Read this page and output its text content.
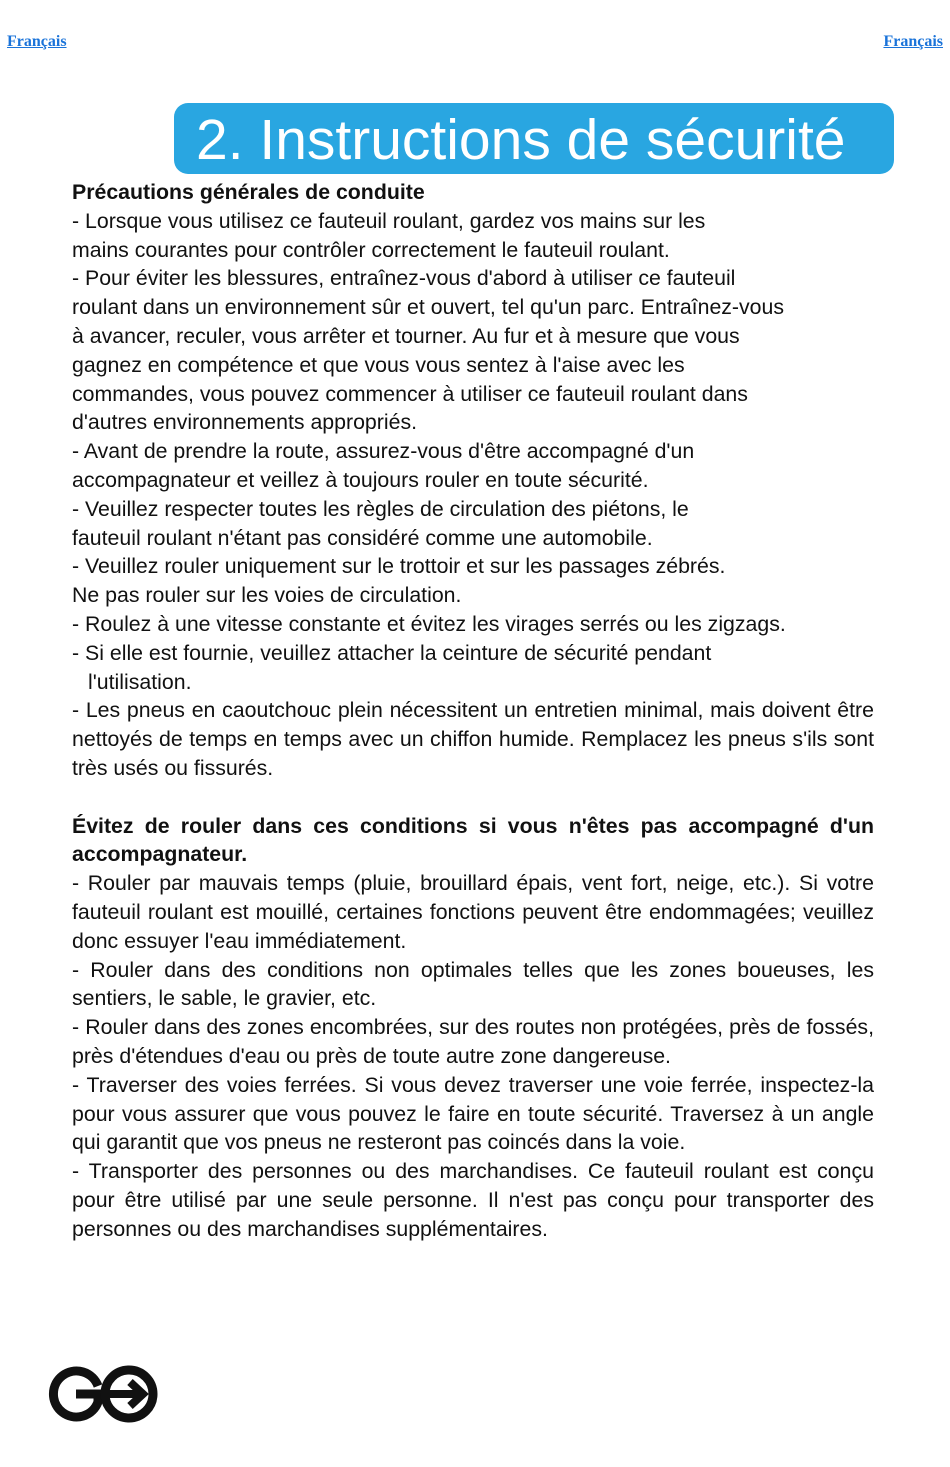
Français	Français
2. Instructions de sécurité
Précautions générales de conduite
- Lorsque vous utilisez ce fauteuil roulant, gardez vos mains sur les
mains courantes pour contrôler correctement le fauteuil roulant.
- Pour éviter les blessures, entraînez-vous d'abord à utiliser ce fauteuil
roulant dans un environnement sûr et ouvert, tel qu'un parc. Entraînez-vous
à avancer, reculer, vous arrêter et tourner. Au fur et à mesure que vous
gagnez en compétence et que vous vous sentez à l'aise avec les
commandes, vous pouvez commencer à utiliser ce fauteuil roulant dans
d'autres environnements appropriés.
- Avant de prendre la route, assurez-vous d'être accompagné d'un
accompagnateur et veillez à toujours rouler en toute sécurité.
- Veuillez respecter toutes les règles de circulation des piétons, le
fauteuil roulant n'étant pas considéré comme une automobile.
- Veuillez rouler uniquement sur le trottoir et sur les passages zébrés.
Ne pas rouler sur les voies de circulation.
- Roulez à une vitesse constante et évitez les virages serrés ou les zigzags.
- Si elle est fournie, veuillez attacher la ceinture de sécurité pendant
l'utilisation.
- Les pneus en caoutchouc plein nécessitent un entretien minimal, mais doivent être nettoyés de temps en temps avec un chiffon humide. Remplacez les pneus s'ils sont très usés ou fissurés.
Évitez de rouler dans ces conditions si vous n'êtes pas accompagné d'un accompagnateur.
- Rouler par mauvais temps (pluie, brouillard épais, vent fort, neige, etc.). Si votre fauteuil roulant est mouillé, certaines fonctions peuvent être endommagées; veuillez donc essuyer l'eau immédiatement.
- Rouler dans des conditions non optimales telles que les zones boueuses, les sentiers, le sable, le gravier, etc.
- Rouler dans des zones encombrées, sur des routes non protégées, près de fossés, près d'étendues d'eau ou près de toute autre zone dangereuse.
- Traverser des voies ferrées. Si vous devez traverser une voie ferrée, inspectez-la pour vous assurer que vous pouvez le faire en toute sécurité. Traversez à un angle qui garantit que vos pneus ne resteront pas coincés dans la voie.
- Transporter des personnes ou des marchandises. Ce fauteuil roulant est conçu pour être utilisé par une seule personne. Il n'est pas conçu pour transporter des personnes ou des marchandises supplémentaires.
